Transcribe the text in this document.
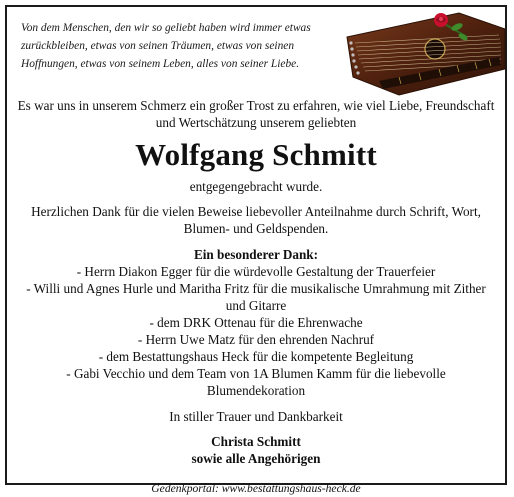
Von dem Menschen, den wir so geliebt haben wird immer etwas zurückbleiben, etwas von seinen Träumen, etwas von seinen Hoffnungen, etwas von seinem Leben, alles von seiner Liebe.

Es war uns in unserem Schmerz ein großer Trost zu erfahren, wie viel Liebe, Freundschaft und Wertschätzung unserem geliebten

Wolfgang Schmitt

entgegengebracht wurde.

Herzlichen Dank für die vielen Beweise liebevoller Anteilnahme durch Schrift, Wort, Blumen- und Geldspenden.

Ein besonderer Dank:

- Herrn Diakon Egger für die würdevolle Gestaltung der Trauerfeier
- Willi und Agnes Hurle und Maritha Fritz für die musikalische Umrahmung mit Zither und Gitarre
- dem DRK Ottenau für die Ehrenwache
- Herrn Uwe Matz für den ehrenden Nachruf
- dem Bestattungshaus Heck für die kompetente Begleitung
- Gabi Vecchio und dem Team von 1A Blumen Kamm für die liebevolle Blumendekoration

In stiller Trauer und Dankbarkeit

Christa Schmitt

sowie alle Angehörigen

Gedenkportal: www.bestattungshaus-heck.de
